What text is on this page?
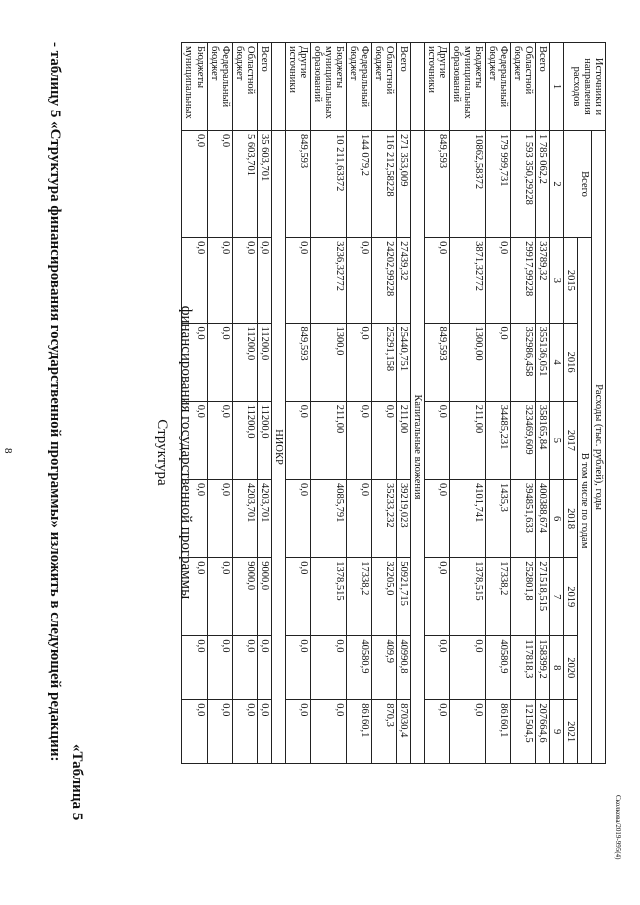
8 - таблицу 5 «Структура финансирования государственной программы» изложить в следующей редакции:
«Таблица 5
Структура финансирования государственной программы
Сколкова/2019-995(4)
Источники и направления расходов	Расходы (тыс. рублей), годы							
	Всего	В том числе по годам						
		2015	2016	2017	2018	2019	2020	2021
1	2	3	4	5	6	7	8	9
Всего	1 785 062,2	33789,32	355136,051	358165,84	400388,674	271518,515	158399,2	207664,6
Областной бюджет	1 593 350,29228	29917,99228	352986,458	323469,609	394851,633	252801,8	117818,3	121504,5
Федеральный бюджет	179 999,731	0,0	0,0	34485,231	1435,3	17338,2	40580,9	86160,1
Бюджеты муниципальных образований	10862,58372	3871,32772	1300,00	211,00	4101,741	1378,515	0,0	0,0
Другие источники	849,593	0,0	849,593	0,0	0,0	0,0	0,0	0,0
	Капитальные вложения							
Всего	271 353,009	27439,32	25440,751	211,00	39219,023	50921,715	40990,8	87030,4
Областной бюджет	116 212,58228	24202,99228	25291,158	0,0	35233,232	32205,0	409,9	870,3
Федеральный бюджет	144 079,2	0,0	0,0	0,0	0,0	17338,2	40580,9	86160,1
Бюджеты муниципальных образований	10 211,63372	3236,32772	1300,0	211,00	4085,791	1378,515	0,0	0,0
Другие источники	849,593	0,0	849,593	0,0	0,0	0,0	0,0	0,0
	НИОКР							
Всего	35 603,701	0,0	11200,0	11200,0	4203,701	9000,0	0,0	0,0
Областной бюджет	5 603,701	0,0	11200,0	11200,0	4203,701	9000,0	0,0	0,0
Федеральный бюджет	0,0	0,0	0,0	0,0	0,0	0,0	0,0	0,0
Бюджеты муниципальных	0,0	0,0	0,0	0,0	0,0	0,0	0,0	0,0
